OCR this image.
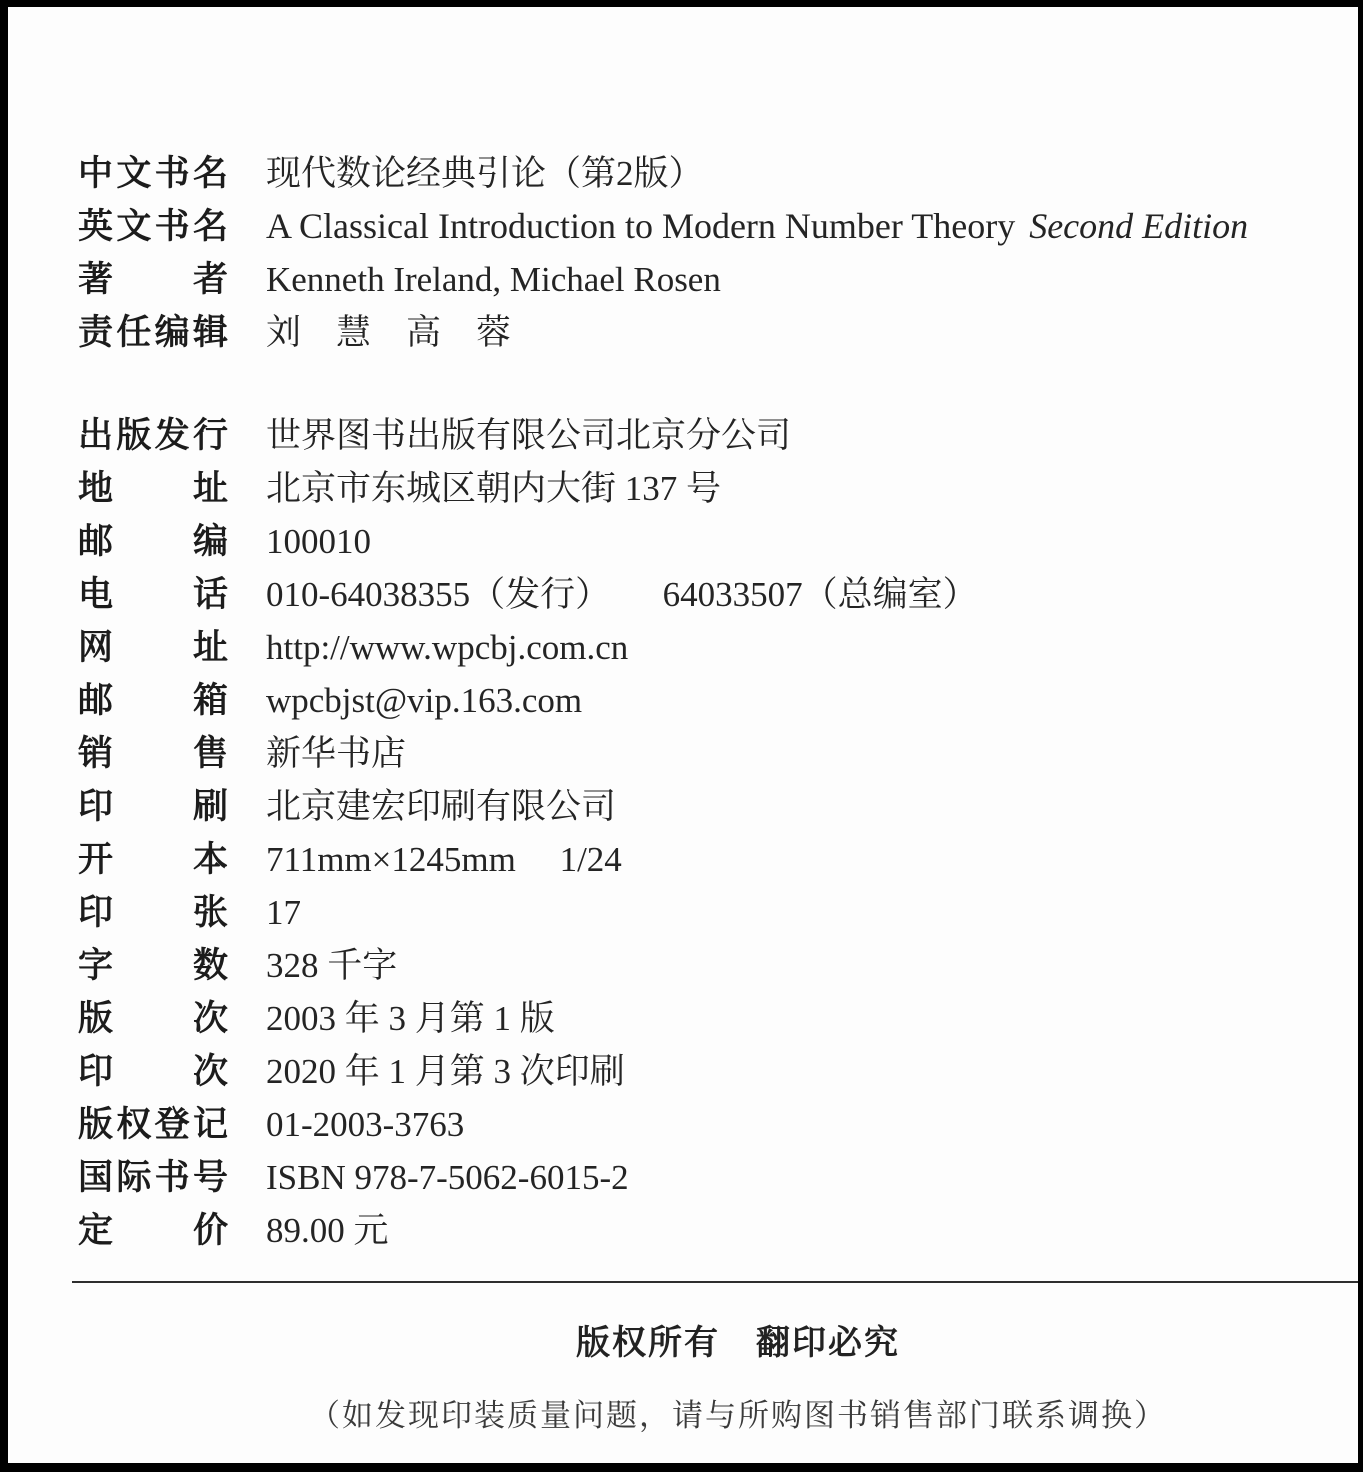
中文书名 现代数论经典引论（第2版）
英文书名 A Classical Introduction to Modern Number Theory Second Edition
著者 Kenneth Ireland, Michael Rosen
责任编辑 刘　慧　高　蓉
出版发行 世界图书出版有限公司北京分公司
地址 北京市东城区朝内大街 137 号
邮编 100010
电话 010-64038355（发行）　　64033507（总编室）
网址 http://www.wpcbj.com.cn
邮箱 wpcbjst@vip.163.com
销售 新华书店
印刷 北京建宏印刷有限公司
开本 711mm×1245mm　 1/24
印张 17
字数 328 千字
版次 2003 年 3 月第 1 版
印次 2020 年 1 月第 3 次印刷
版权登记 01-2003-3763
国际书号 ISBN 978-7-5062-6015-2
定价 89.00 元
版权所有　翻印必究
（如发现印装质量问题，请与所购图书销售部门联系调换）
